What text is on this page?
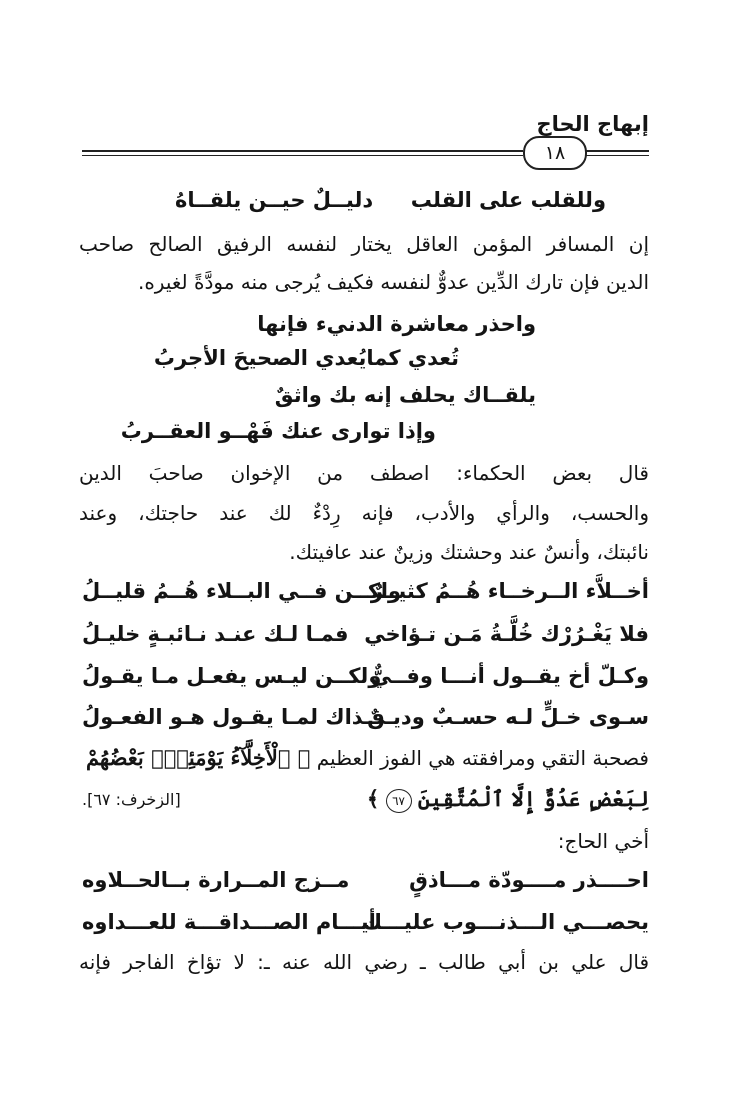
إبهاج الحاج
١٨
وللقلب على القلب
دليــلٌ حيــن يلقــاهُ
إن المسافر المؤمن العاقل يختار لنفسه الرفيق الصالح صاحب
الدين فإن تارك الدِّين عدوٌّ لنفسه فكيف يُرجى منه مودَّةً لغيره.
واحذر معاشرة الدنيء فإنها
تُعدي كمايُعدي الصحيحَ الأجربُ
يلقــاك يحلف إنه بك واثقٌ
وإذا توارى عنك فَهْــو العقــربُ
قال بعض الحكماء: اصطف من الإخوان صاحبَ الدين
والحسب، والرأي والأدب، فإنه رِدْءٌ لك عند حاجتك، وعند
نائبتك، وأنسٌ عند وحشتك وزينٌ عند عافيتك.
أخــلاَّء الــرخــاء هُــمُ كثيــرٌ
ولكــن فــي البــلاء هُــمُ قليــلُ
فلا يَغْـرُرْك خُلَّـةُ مَـن تـؤاخي
فمـا لـك عنـد نـائبـةٍ خليـلُ
وكـلّ أخ يقــول أنـــا وفــيٌّ
ولكــن ليـس يفعـل مـا يقـولُ
سـوى خـلٍّ لـه حسـبٌ وديـنٌ
فـذاك لمـا يقـول هـو الفعـولُ
فصحبة التقي ومرافقته هي الفوز العظيم ﴿ ٱلْأَخِلَّآءُ يَوْمَئِذِۭ بَعْضُهُمْ
لِبَعْضٍ عَدُوٌّ إِلَّا ٱلْمُتَّقِينَ ٦٧ ﴾
[الزخرف: ٦٧].
أخي الحاج:
احــــذر مــــودّة مـــاذقٍ
مــزج المــرارة بــالحــلاوه
يحصـــي الـــذنـــوب عليـــك
أيـــام الصـــداقـــة للعـــداوه
قال علي بن أبي طالب ـ رضي الله عنه ـ: لا تؤاخ الفاجر فإنه
